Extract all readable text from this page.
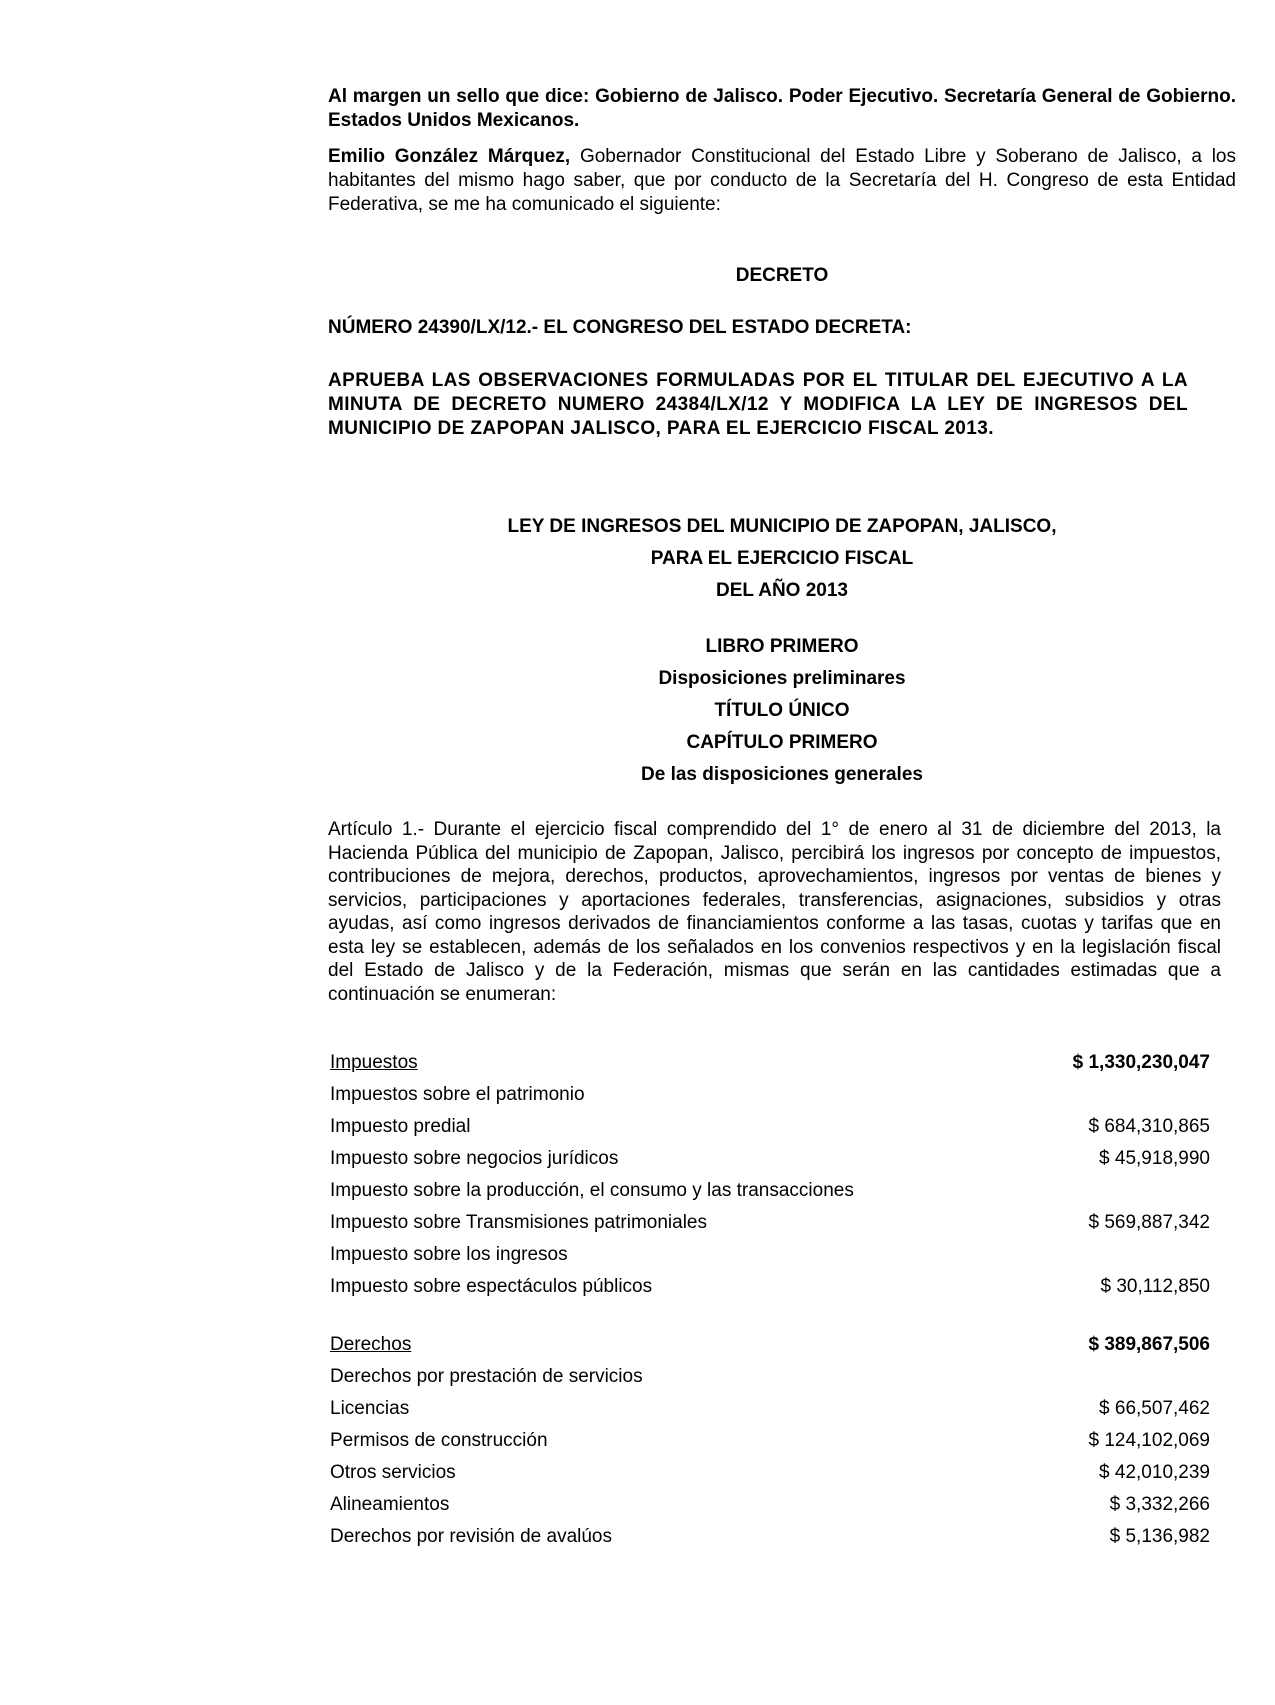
Al margen un sello que dice: Gobierno de Jalisco. Poder Ejecutivo. Secretaría General de Gobierno. Estados Unidos Mexicanos.
Emilio González Márquez, Gobernador Constitucional del Estado Libre y Soberano de Jalisco, a los habitantes del mismo hago saber, que por conducto de la Secretaría del H. Congreso de esta Entidad Federativa, se me ha comunicado el siguiente:
DECRETO
NÚMERO 24390/LX/12.- EL CONGRESO DEL ESTADO DECRETA:
APRUEBA LAS OBSERVACIONES FORMULADAS POR EL TITULAR DEL EJECUTIVO A LA MINUTA DE DECRETO NUMERO 24384/LX/12 Y MODIFICA LA LEY DE INGRESOS DEL MUNICIPIO DE ZAPOPAN JALISCO, PARA EL EJERCICIO FISCAL 2013.
LEY DE INGRESOS DEL MUNICIPIO DE ZAPOPAN, JALISCO,
PARA EL EJERCICIO FISCAL
DEL AÑO 2013
LIBRO PRIMERO
Disposiciones preliminares
TÍTULO ÚNICO
CAPÍTULO PRIMERO
De las disposiciones generales
Artículo 1.- Durante el ejercicio fiscal comprendido del 1° de enero al 31 de diciembre del 2013, la Hacienda Pública del municipio de Zapopan, Jalisco, percibirá los ingresos por concepto de impuestos, contribuciones de mejora, derechos, productos, aprovechamientos, ingresos por ventas de bienes y servicios, participaciones y aportaciones federales, transferencias, asignaciones, subsidios y otras ayudas, así como ingresos derivados de financiamientos conforme a las tasas, cuotas y tarifas que en esta ley se establecen, además de los señalados en los convenios respectivos y en la legislación fiscal del Estado de Jalisco y de la Federación, mismas que serán en las cantidades estimadas que a continuación se enumeran:
Impuestos	$ 1,330,230,047
Impuestos sobre el patrimonio
Impuesto predial	$ 684,310,865
Impuesto sobre negocios jurídicos	$ 45,918,990
Impuesto sobre la producción, el consumo y las transacciones
Impuesto sobre Transmisiones patrimoniales	$ 569,887,342
Impuesto sobre los ingresos
Impuesto sobre espectáculos públicos	$ 30,112,850
Derechos	$ 389,867,506
Derechos por prestación de servicios
Licencias	$ 66,507,462
Permisos de construcción	$ 124,102,069
Otros servicios	$ 42,010,239
Alineamientos	$ 3,332,266
Derechos por revisión de avalúos	$ 5,136,982
